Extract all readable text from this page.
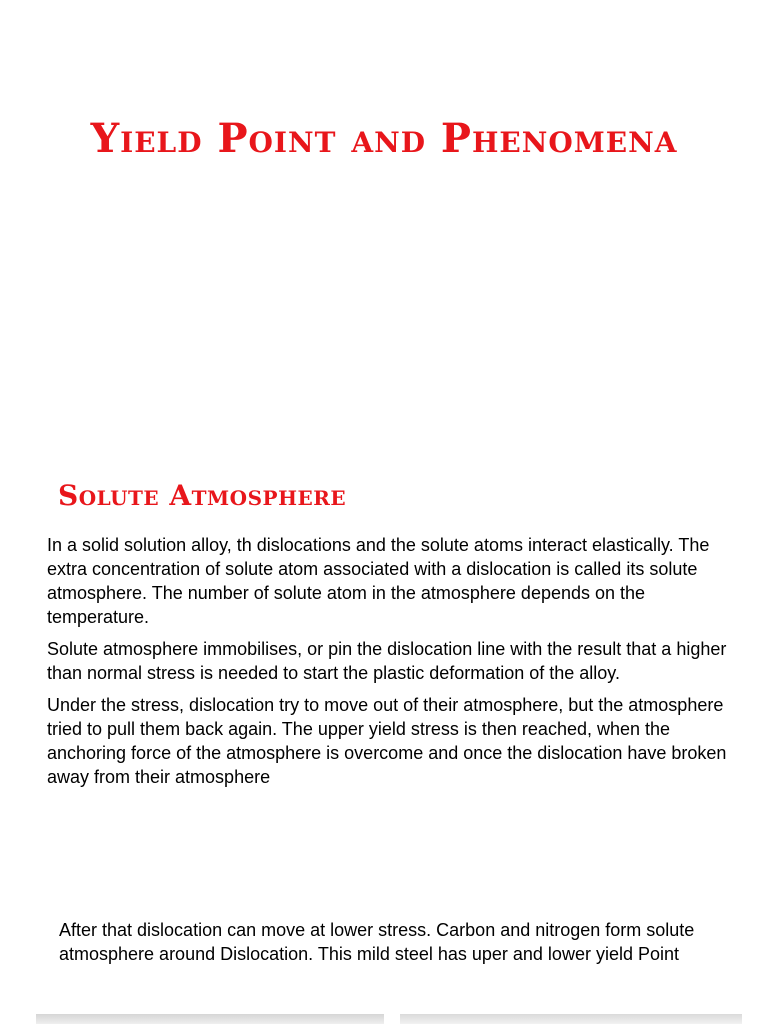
Yield Point and Phenomena
Solute Atmosphere

In a solid solution alloy, th dislocations and the solute atoms interact elastically. The extra concentration of solute atom associated with a dislocation is called its solute atmosphere. The number of solute atom in the atmosphere depends on the temperature.

Solute atmosphere immobilises, or pin the dislocation line with the result that a higher than normal stress is needed to start the plastic deformation of the alloy.

Under the stress, dislocation try to move out of their atmosphere, but the atmosphere tried to pull them back again. The upper yield stress is then reached, when the anchoring force of the atmosphere is overcome and once the dislocation have broken away from their atmosphere

After that dislocation can move at lower stress. Carbon and nitrogen form solute atmosphere around Dislocation. This mild steel has uper and lower yield Point
